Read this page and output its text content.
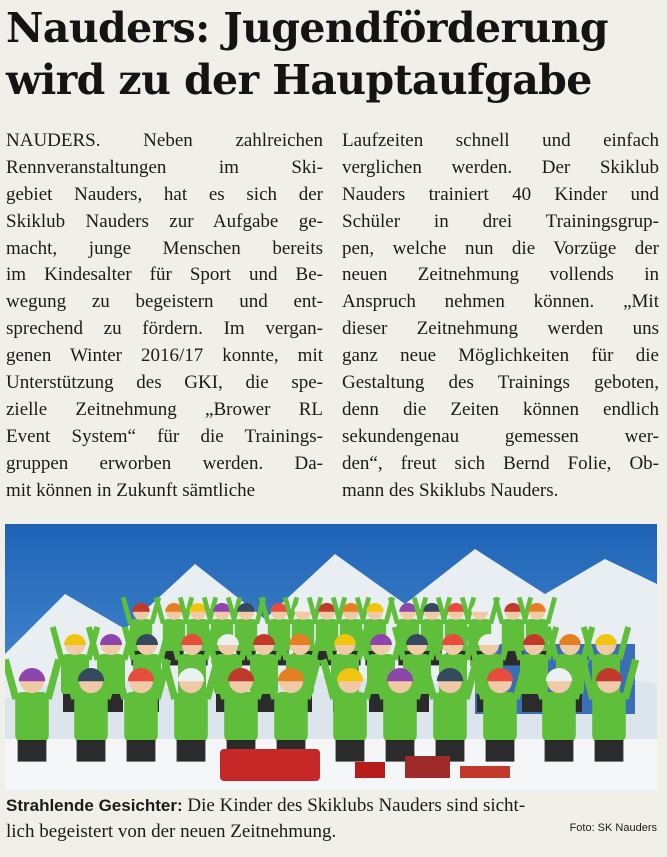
Nauders: Jugendförderung
wird zu der Hauptaufgabe
NAUDERS. Neben zahlreichen
Rennveranstaltungen im Ski-
gebiet Nauders, hat es sich der
Skiklub Nauders zur Aufgabe ge-
macht, junge Menschen bereits
im Kindesalter für Sport und Be-
wegung zu begeistern und ent-
sprechend zu fördern. Im vergan-
genen Winter 2016/17 konnte, mit
Unterstützung des GKI, die spe-
zielle Zeitnehmung „Brower RL
Event System“ für die Trainings-
gruppen erworben werden. Da-
mit können in Zukunft sämtliche
Laufzeiten schnell und einfach
verglichen werden. Der Skiklub
Nauders trainiert 40 Kinder und
Schüler in drei Trainingsgrup-
pen, welche nun die Vorzüge der
neuen Zeitnehmung vollends in
Anspruch nehmen können. „Mit
dieser Zeitnehmung werden uns
ganz neue Möglichkeiten für die
Gestaltung des Trainings geboten,
denn die Zeiten können endlich
sekundengenau gemessen wer-
den“, freut sich Bernd Folie, Ob-
mann des Skiklubs Nauders.
Strahlende Gesichter: Die Kinder des Skiklubs Nauders sind sicht-
lich begeistert von der neuen Zeitnehmung.	Foto: SK Nauders
